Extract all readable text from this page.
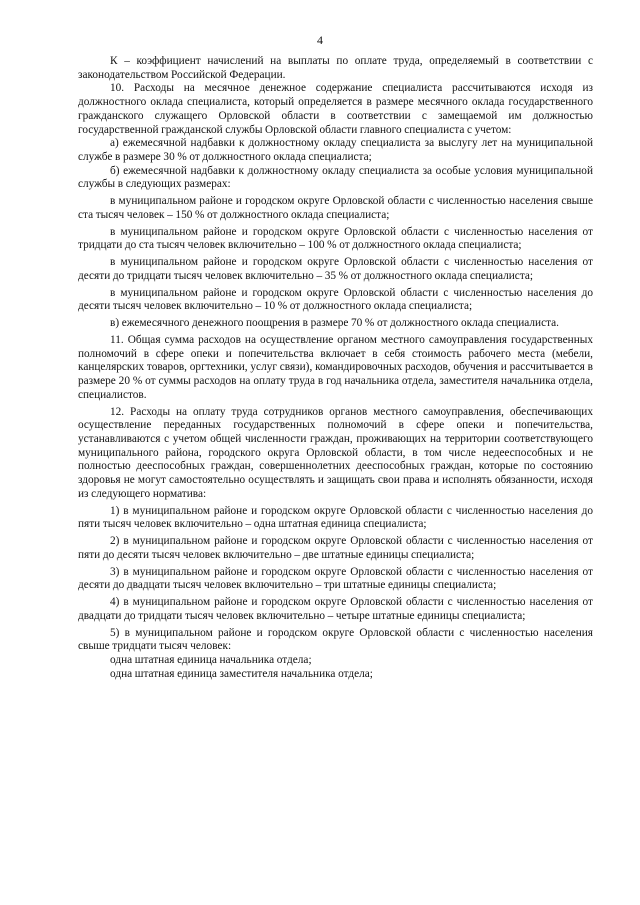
4

К – коэффициент начислений на выплаты по оплате труда, определяемый в соответствии с законодательством Российской Федерации.

10. Расходы на месячное денежное содержание специалиста рассчитываются исходя из должностного оклада специалиста, который определяется в размере месячного оклада государственного гражданского служащего Орловской области в соответствии с замещаемой им должностью государственной гражданской службы Орловской области главного специалиста с учетом:

а) ежемесячной надбавки к должностному окладу специалиста за выслугу лет на муниципальной службе в размере 30 % от должностного оклада специалиста;

б) ежемесячной надбавки к должностному окладу специалиста за особые условия муниципальной службы в следующих размерах:

в муниципальном районе и городском округе Орловской области с численностью населения свыше ста тысяч человек – 150 % от должностного оклада специалиста;

в муниципальном районе и городском округе Орловской области с численностью населения от тридцати до ста тысяч человек включительно – 100 % от должностного оклада специалиста;

в муниципальном районе и городском округе Орловской области с численностью населения от десяти до тридцати тысяч человек включительно – 35 % от должностного оклада специалиста;

в муниципальном районе и городском округе Орловской области с численностью населения до десяти тысяч человек включительно – 10 % от должностного оклада специалиста;

в) ежемесячного денежного поощрения в размере 70 % от должностного оклада специалиста.

11. Общая сумма расходов на осуществление органом местного самоуправления государственных полномочий в сфере опеки и попечительства включает в себя стоимость рабочего места (мебели, канцелярских товаров, оргтехники, услуг связи), командировочных расходов, обучения и рассчитывается в размере 20 % от суммы расходов на оплату труда в год начальника отдела, заместителя начальника отдела, специалистов.

12. Расходы на оплату труда сотрудников органов местного самоуправления, обеспечивающих осуществление переданных государственных полномочий в сфере опеки и попечительства, устанавливаются с учетом общей численности граждан, проживающих на территории соответствующего муниципального района, городского округа Орловской области, в том числе недееспособных и не полностью дееспособных граждан, совершеннолетних дееспособных граждан, которые по состоянию здоровья не могут самостоятельно осуществлять и защищать свои права и исполнять обязанности, исходя из следующего норматива:

1) в муниципальном районе и городском округе Орловской области с численностью населения до пяти тысяч человек включительно – одна штатная единица специалиста;

2) в муниципальном районе и городском округе Орловской области с численностью населения от пяти до десяти тысяч человек включительно – две штатные единицы специалиста;

3) в муниципальном районе и городском округе Орловской области с численностью населения от десяти до двадцати тысяч человек включительно – три штатные единицы специалиста;

4) в муниципальном районе и городском округе Орловской области с численностью населения от двадцати до тридцати тысяч человек включительно – четыре штатные единицы специалиста;

5) в муниципальном районе и городском округе Орловской области с численностью населения свыше тридцати тысяч человек:

одна штатная единица начальника отдела;

одна штатная единица заместителя начальника отдела;
